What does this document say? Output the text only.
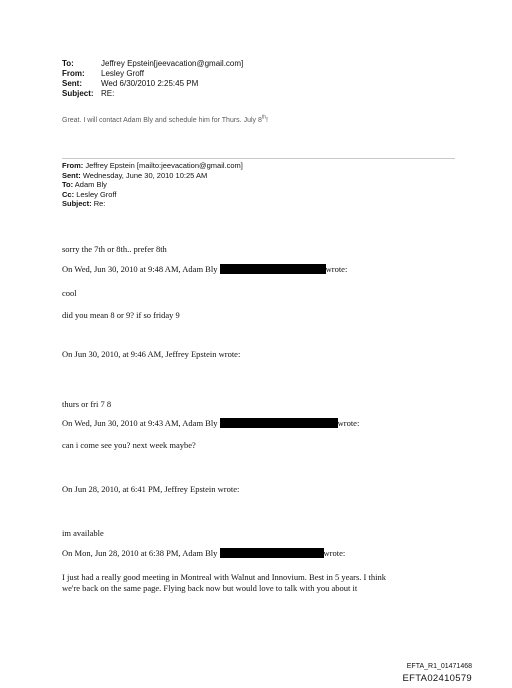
To:	Jeffrey Epstein[jeevacation@gmail.com]
From:	Lesley Groff
Sent:	Wed 6/30/2010 2:25:45 PM
Subject: RE:
Great. I will contact Adam Bly and schedule him for Thurs. July 8th!
From: Jeffrey Epstein [mailto:jeevacation@gmail.com]
Sent: Wednesday, June 30, 2010 10:25 AM
To: Adam Bly
Cc: Lesley Groff
Subject: Re:
sorry the 7th or 8th.. prefer 8th
On Wed, Jun 30, 2010 at 9:48 AM, Adam Bly	wrote:
cool
did you mean 8 or 9? if so friday 9
On Jun 30, 2010, at 9:46 AM, Jeffrey Epstein wrote:
thurs or fri 7 8
On Wed, Jun 30, 2010 at 9:43 AM, Adam Bly	wrote:
can i come see you? next week maybe?
On Jun 28, 2010, at 6:41 PM, Jeffrey Epstein wrote:
im available
On Mon, Jun 28, 2010 at 6:38 PM, Adam Bly	wrote:
I just had a really good meeting in Montreal with Walnut and Innovium. Best in 5 years. I think
we're back on the same page. Flying back now but would love to talk with you about it
EFTA_R1_01471468
EFTA02410579
